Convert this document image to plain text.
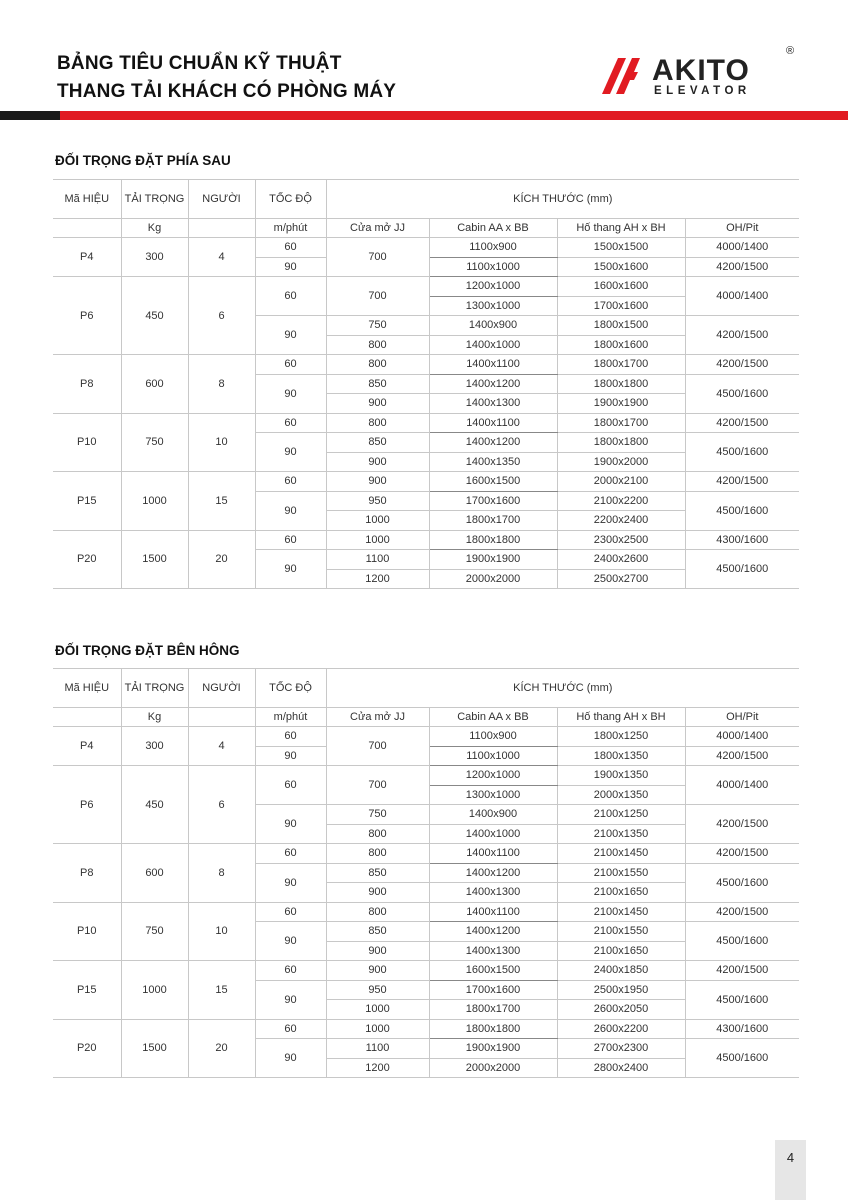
BẢNG TIÊU CHUẨN KỸ THUẬT
THANG TẢI KHÁCH CÓ PHÒNG MÁY
AKITO
ELEVATOR
®
ĐỐI TRỌNG ĐẶT PHÍA SAU
Mã HIỆU	TẢI TRỌNG	NGƯỜI	TỐC ĐỘ	KÍCH THƯỚC (mm)			
	Kg		m/phút	Cửa mở JJ	Cabin AA x BB	Hố thang AH x BH	OH/Pit
P4	300	4	60	700	1100x900	1500x1500	4000/1400
			90		1100x1000	1500x1600	4200/1500
P6	450	6	60	700	1200x1000	1600x1600	4000/1400
					1300x1000	1700x1600	
			90	750	1400x900	1800x1500	4200/1500
				800	1400x1000	1800x1600	
P8	600	8	60	800	1400x1100	1800x1700	4200/1500
			90	850	1400x1200	1800x1800	4500/1600
				900	1400x1300	1900x1900	
P10	750	10	60	800	1400x1100	1800x1700	4200/1500
			90	850	1400x1200	1800x1800	4500/1600
				900	1400x1350	1900x2000	
P15	1000	15	60	900	1600x1500	2000x2100	4200/1500
			90	950	1700x1600	2100x2200	4500/1600
				1000	1800x1700	2200x2400	
P20	1500	20	60	1000	1800x1800	2300x2500	4300/1600
			90	1100	1900x1900	2400x2600	4500/1600
				1200	2000x2000	2500x2700	
ĐỐI TRỌNG ĐẶT BÊN HÔNG
Mã HIỆU	TẢI TRỌNG	NGƯỜI	TỐC ĐỘ	KÍCH THƯỚC (mm)			
	Kg		m/phút	Cửa mở JJ	Cabin AA x BB	Hố thang AH x BH	OH/Pit
P4	300	4	60	700	1100x900	1800x1250	4000/1400
			90		1100x1000	1800x1350	4200/1500
P6	450	6	60	700	1200x1000	1900x1350	4000/1400
					1300x1000	2000x1350	
			90	750	1400x900	2100x1250	4200/1500
				800	1400x1000	2100x1350	
P8	600	8	60	800	1400x1100	2100x1450	4200/1500
			90	850	1400x1200	2100x1550	4500/1600
				900	1400x1300	2100x1650	
P10	750	10	60	800	1400x1100	2100x1450	4200/1500
			90	850	1400x1200	2100x1550	4500/1600
				900	1400x1300	2100x1650	
P15	1000	15	60	900	1600x1500	2400x1850	4200/1500
			90	950	1700x1600	2500x1950	4500/1600
				1000	1800x1700	2600x2050	
P20	1500	20	60	1000	1800x1800	2600x2200	4300/1600
			90	1100	1900x1900	2700x2300	4500/1600
				1200	2000x2000	2800x2400	
4
